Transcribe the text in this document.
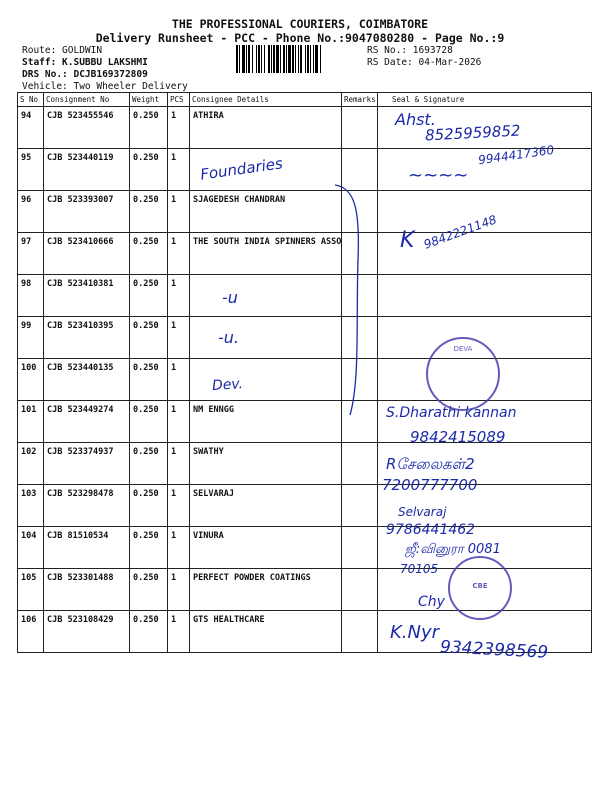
THE PROFESSIONAL COURIERS, COIMBATORE
Delivery Runsheet - PCC - Phone No.:9047080280 - Page No.:9
Route: GOLDWIN
Staff: K.SUBBU LAKSHMI
DRS No.: DCJB169372809
Vehicle: Two Wheeler Delivery
RS No.: 1693728
RS Date: 04-Mar-2026
S No	Consignment No	Weight	PCS	Consignee Details	Remarks	Seal & Signature
94	CJB 523455546	0.250	1	ATHIRA		
95	CJB 523440119	0.250	1			
96	CJB 523393007	0.250	1	SJAGEDESH CHANDRAN		
97	CJB 523410666	0.250	1	THE SOUTH INDIA SPINNERS ASSO		
98	CJB 523410381	0.250	1			
99	CJB 523410395	0.250	1			
100	CJB 523440135	0.250	1			
101	CJB 523449274	0.250	1	NM ENNGG		
102	CJB 523374937	0.250	1	SWATHY		
103	CJB 523298478	0.250	1	SELVARAJ		
104	CJB 81510534	0.250	1	VINURA		
105	CJB 523301488	0.250	1	PERFECT POWDER COATINGS		
106	CJB 523108429	0.250	1	GTS HEALTHCARE		
Foundaries
-u
-u.
Dev.
Ahst.
8525959852
9944417360
~~~~
K 9842221148
S.Dharathi kannan
9842415089
Rசேலைகள்2
7200777700
Selvaraj
9786441462
ஜீ:வினுரா 0081
70105
Chy
K.Nyr
9342398569
DEVA
CBE
